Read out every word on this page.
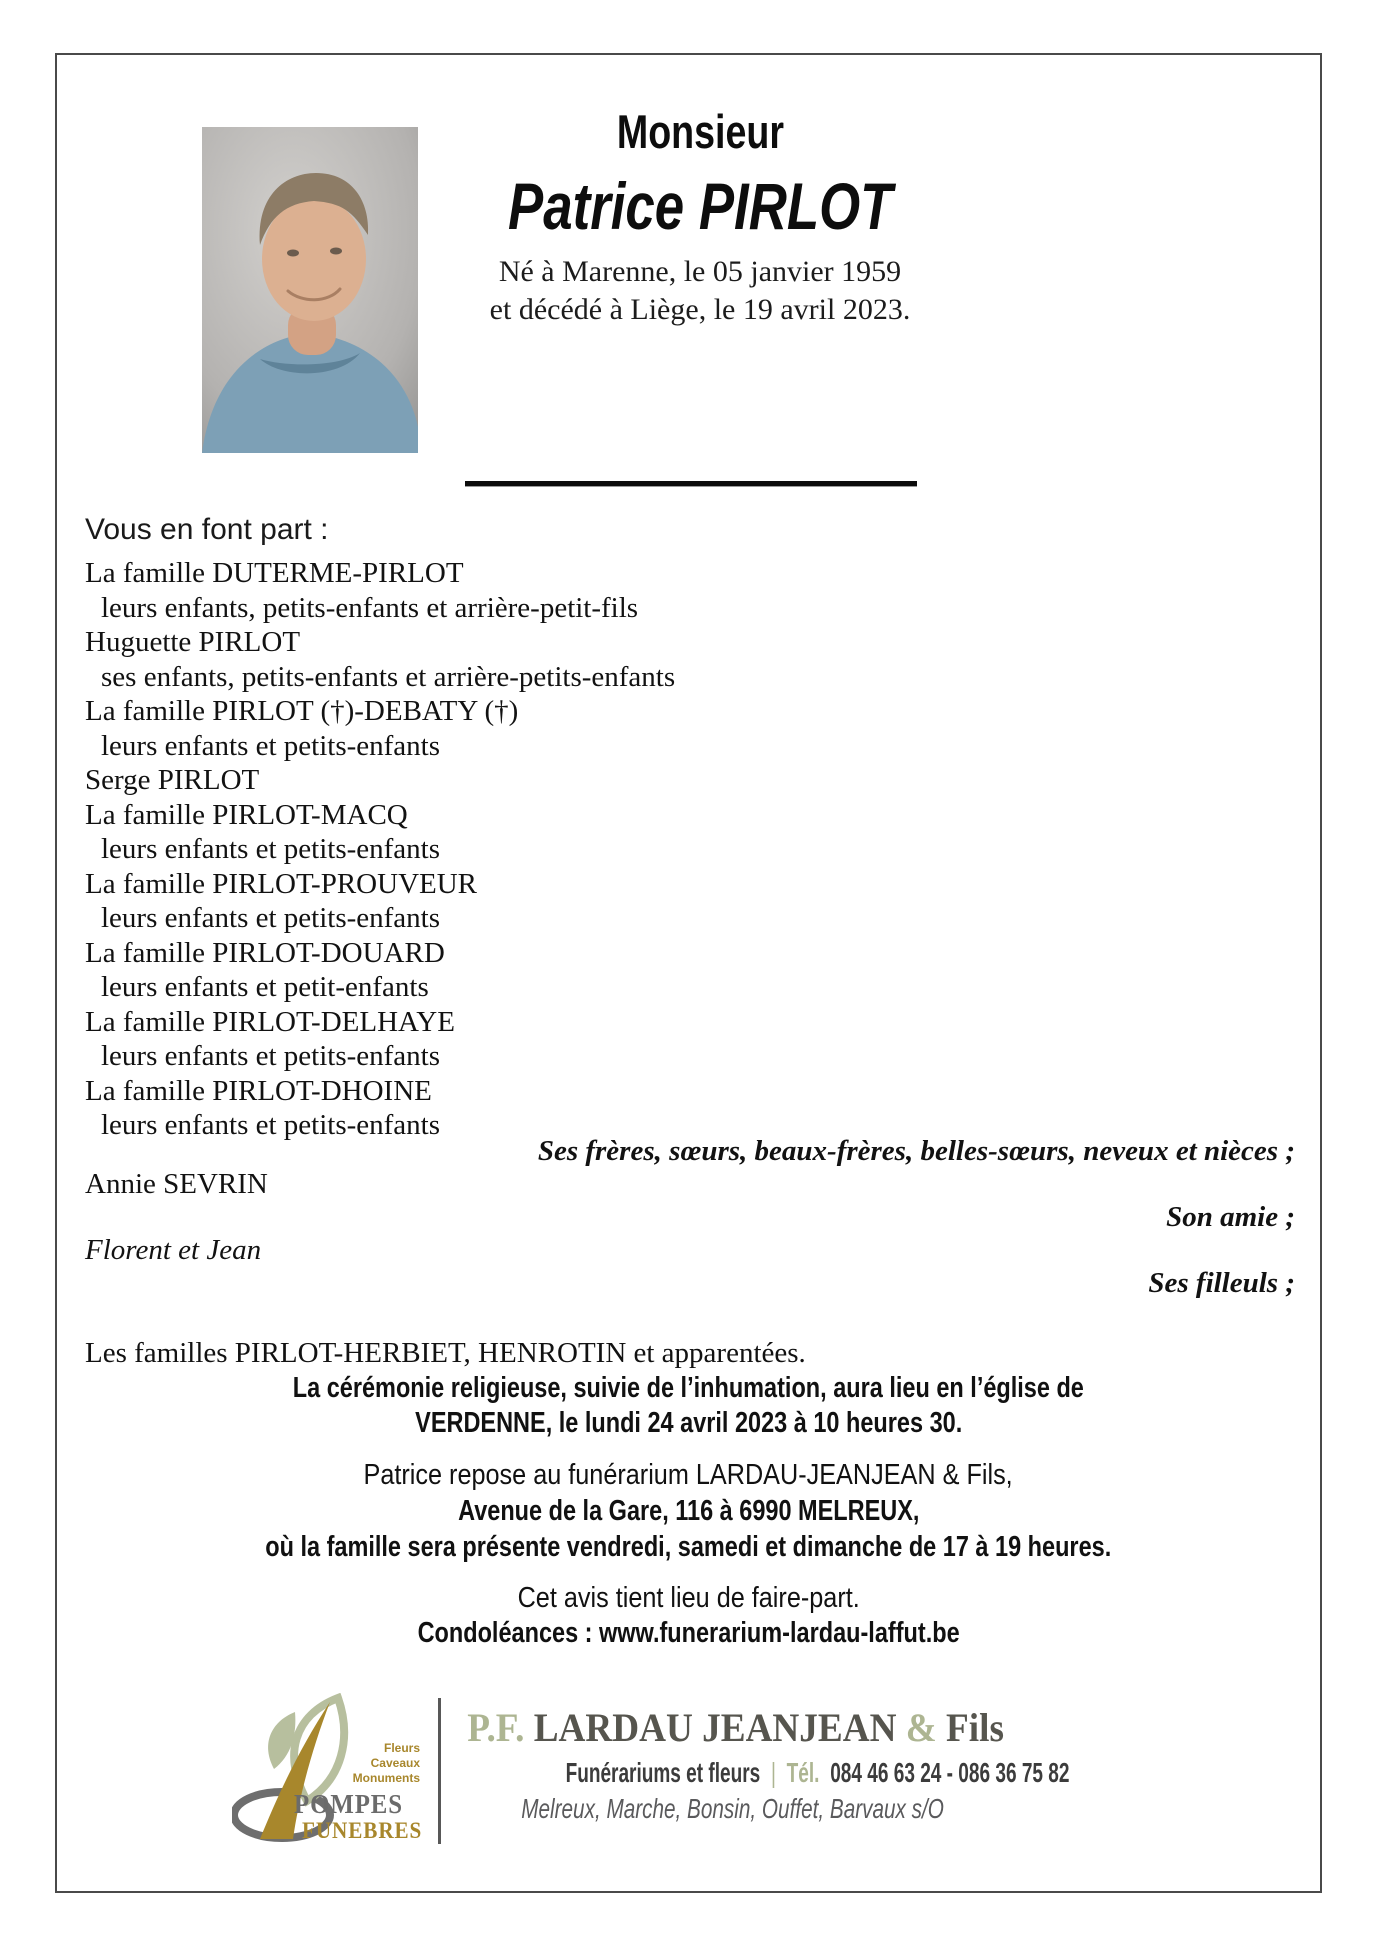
Monsieur
Patrice PIRLOT
Né à Marenne, le 05 janvier 1959
et décédé à Liège, le 19 avril 2023.
Vous en font part :
La famille DUTERME-PIRLOT
leurs enfants, petits-enfants et arrière-petit-fils
Huguette PIRLOT
ses enfants, petits-enfants et arrière-petits-enfants
La famille PIRLOT (†)-DEBATY (†)
leurs enfants et petits-enfants
Serge PIRLOT
La famille PIRLOT-MACQ
leurs enfants et petits-enfants
La famille PIRLOT-PROUVEUR
leurs enfants et petits-enfants
La famille PIRLOT-DOUARD
leurs enfants et petit-enfants
La famille PIRLOT-DELHAYE
leurs enfants et petits-enfants
La famille PIRLOT-DHOINE
leurs enfants et petits-enfants
Ses frères, sœurs, beaux-frères, belles-sœurs, neveux et nièces ;
Annie SEVRIN
Son amie ;
Florent et Jean
Ses filleuls ;
Les familles PIRLOT-HERBIET, HENROTIN et apparentées.
La cérémonie religieuse, suivie de l’inhumation, aura lieu en l’église de
VERDENNE, le lundi 24 avril 2023 à 10 heures 30.
Patrice repose au funérarium LARDAU-JEANJEAN & Fils,
Avenue de la Gare, 116 à 6990 MELREUX,
où la famille sera présente vendredi, samedi et dimanche de 17 à 19 heures.
Cet avis tient lieu de faire-part.
Condoléances : www.funerarium-lardau-laffut.be
Fleurs
Caveaux
Monuments
POMPES
FUNEBRES
P.F. LARDAU JEANJEAN & Fils
Funérariums et fleurs | Tél. 084 46 63 24 - 086 36 75 82
Melreux, Marche, Bonsin, Ouffet, Barvaux s/O
